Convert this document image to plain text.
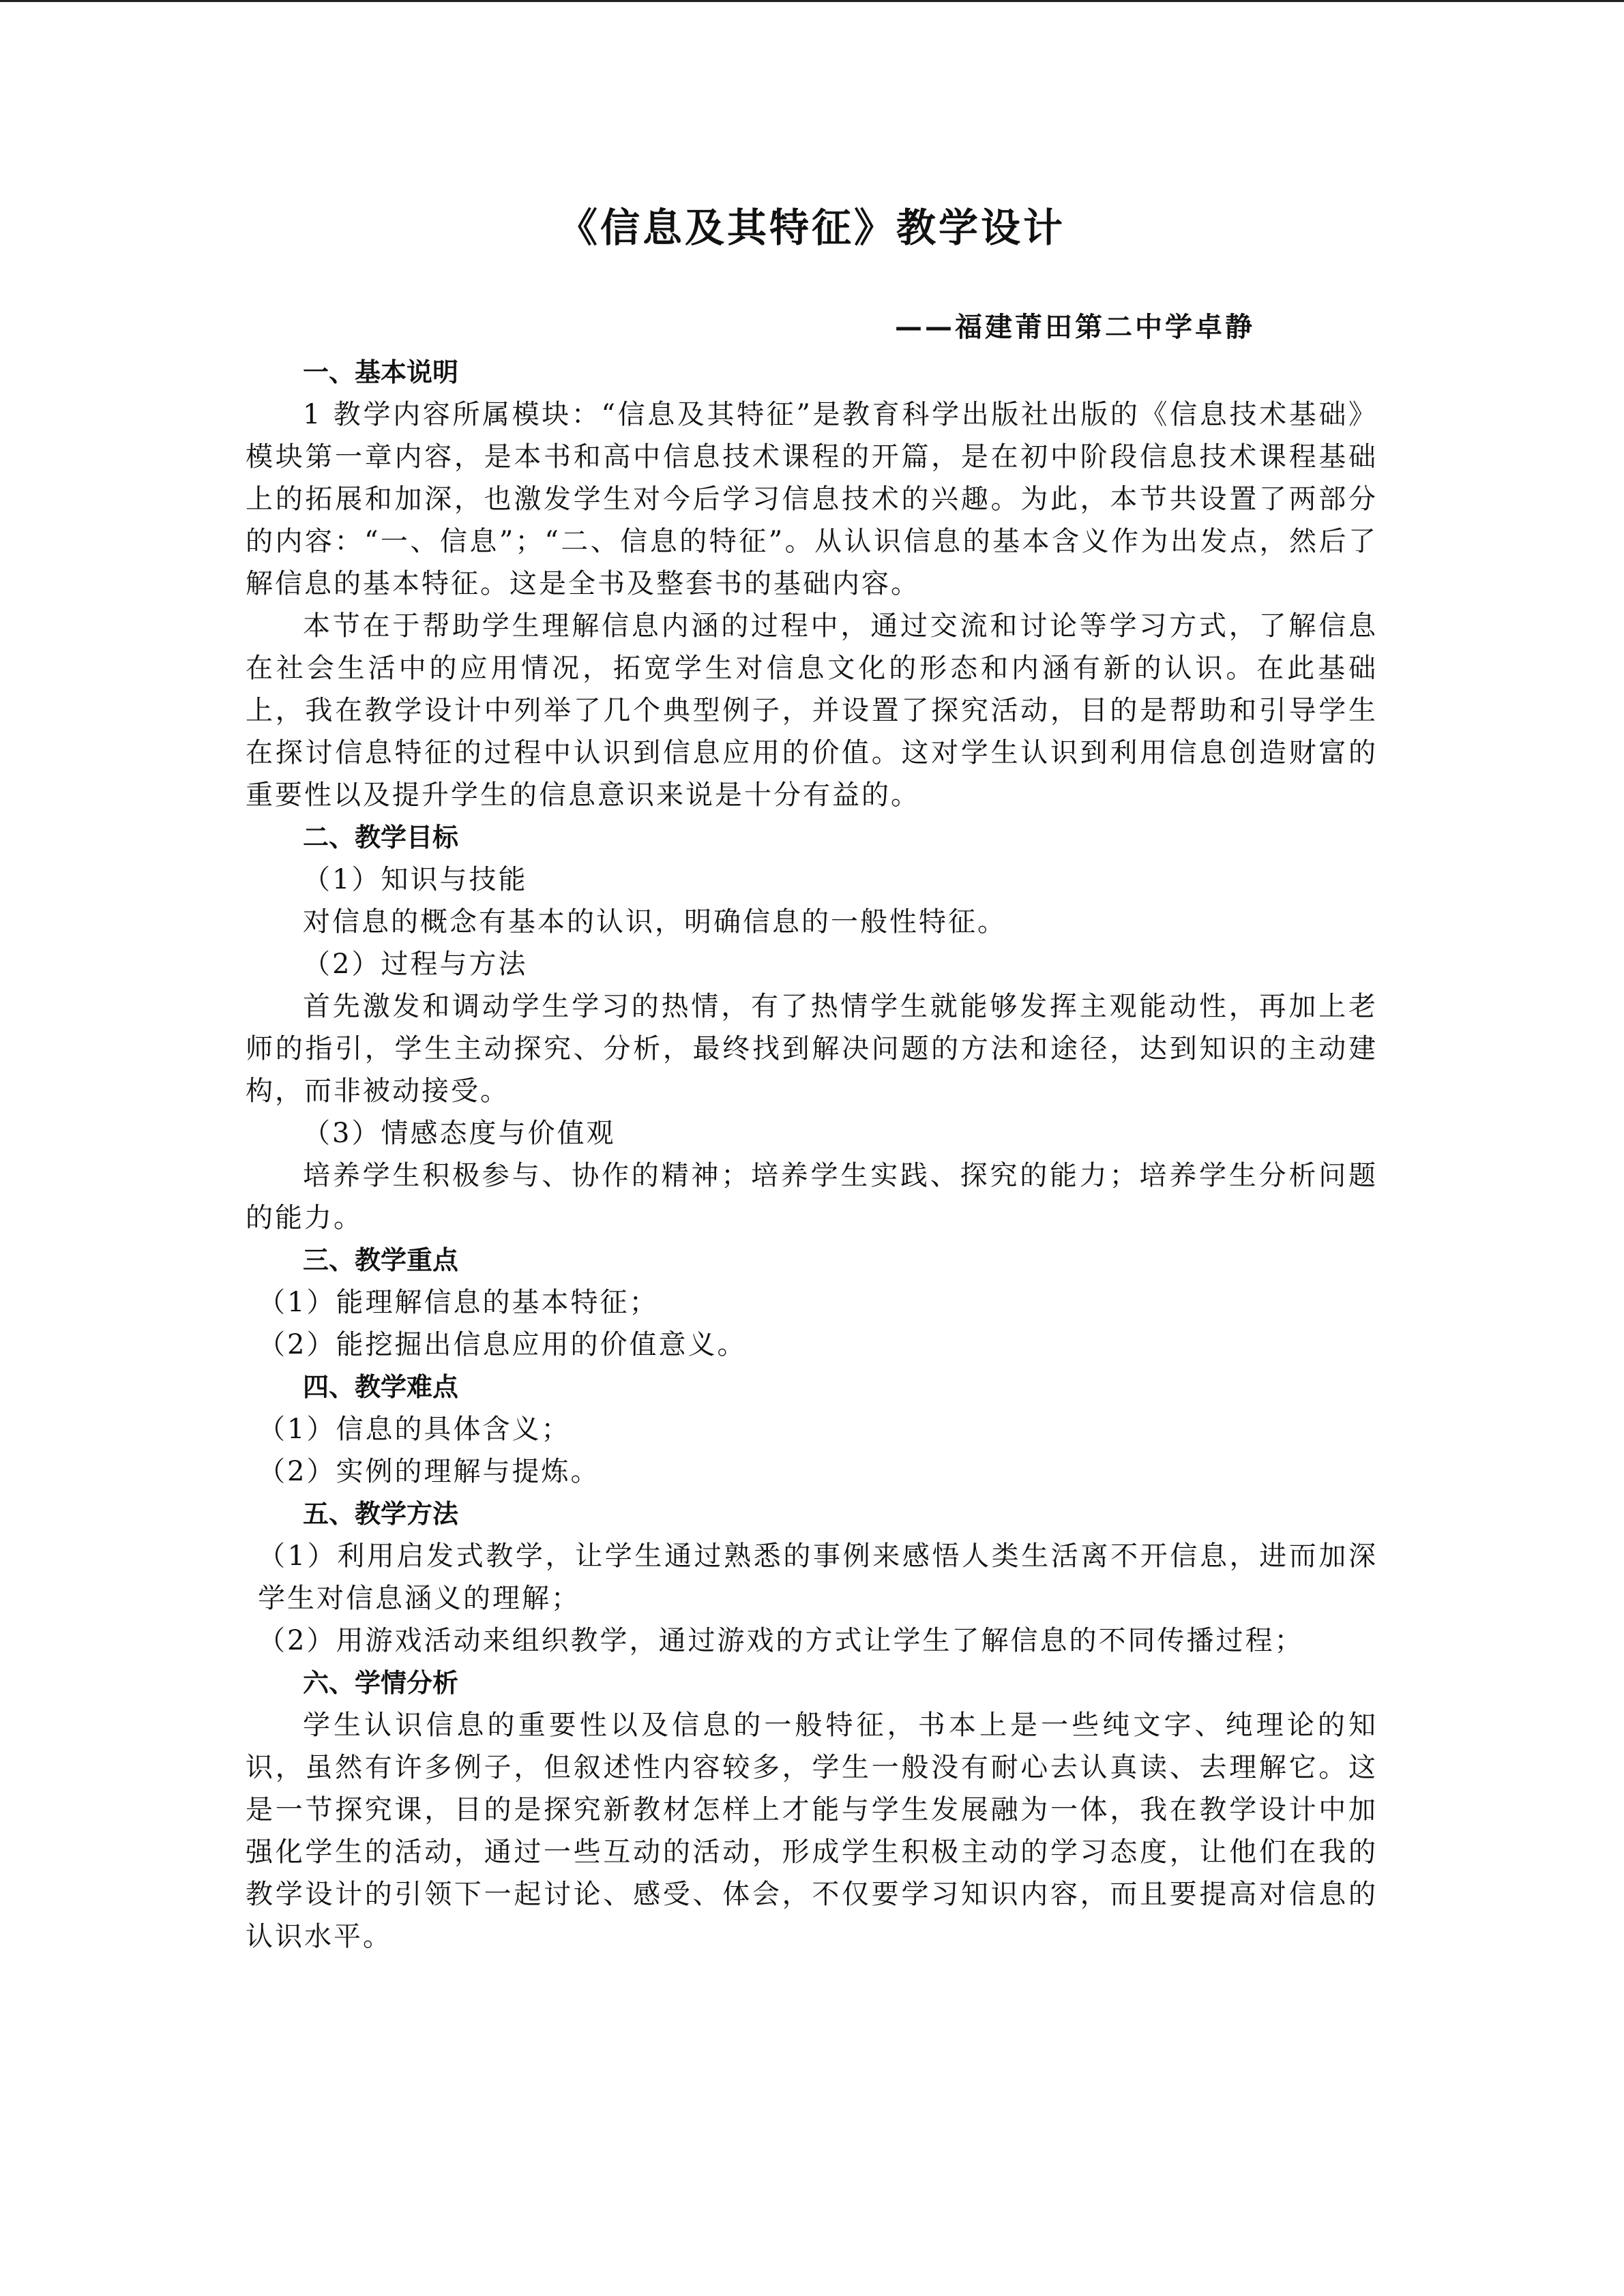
《信息及其特征》教学设计
——福建莆田第二中学卓静
一、基本说明

1 教学内容所属模块：“信息及其特征”是教育科学出版社出版的《信息技术基础》模块第一章内容，是本书和高中信息技术课程的开篇，是在初中阶段信息技术课程基础上的拓展和加深，也激发学生对今后学习信息技术的兴趣。为此，本节共设置了两部分的内容：“一、信息”；“二、信息的特征”。从认识信息的基本含义作为出发点，然后了解信息的基本特征。这是全书及整套书的基础内容。

本节在于帮助学生理解信息内涵的过程中，通过交流和讨论等学习方式，了解信息在社会生活中的应用情况，拓宽学生对信息文化的形态和内涵有新的认识。在此基础上，我在教学设计中列举了几个典型例子，并设置了探究活动，目的是帮助和引导学生在探讨信息特征的过程中认识到信息应用的价值。这对学生认识到利用信息创造财富的重要性以及提升学生的信息意识来说是十分有益的。

二、教学目标

（1）知识与技能

对信息的概念有基本的认识，明确信息的一般性特征。

（2）过程与方法

首先激发和调动学生学习的热情，有了热情学生就能够发挥主观能动性，再加上老师的指引，学生主动探究、分析，最终找到解决问题的方法和途径，达到知识的主动建构，而非被动接受。

（3）情感态度与价值观

培养学生积极参与、协作的精神；培养学生实践、探究的能力；培养学生分析问题的能力。

三、教学重点

（1）能理解信息的基本特征；

（2）能挖掘出信息应用的价值意义。

四、教学难点

（1）信息的具体含义；

（2）实例的理解与提炼。

五、教学方法

（1）利用启发式教学，让学生通过熟悉的事例来感悟人类生活离不开信息，进而加深学生对信息涵义的理解；

（2）用游戏活动来组织教学，通过游戏的方式让学生了解信息的不同传播过程；

六、学情分析

学生认识信息的重要性以及信息的一般特征，书本上是一些纯文字、纯理论的知识，虽然有许多例子，但叙述性内容较多，学生一般没有耐心去认真读、去理解它。这是一节探究课，目的是探究新教材怎样上才能与学生发展融为一体，我在教学设计中加强化学生的活动，通过一些互动的活动，形成学生积极主动的学习态度，让他们在我的教学设计的引领下一起讨论、感受、体会，不仅要学习知识内容，而且要提高对信息的认识水平。
